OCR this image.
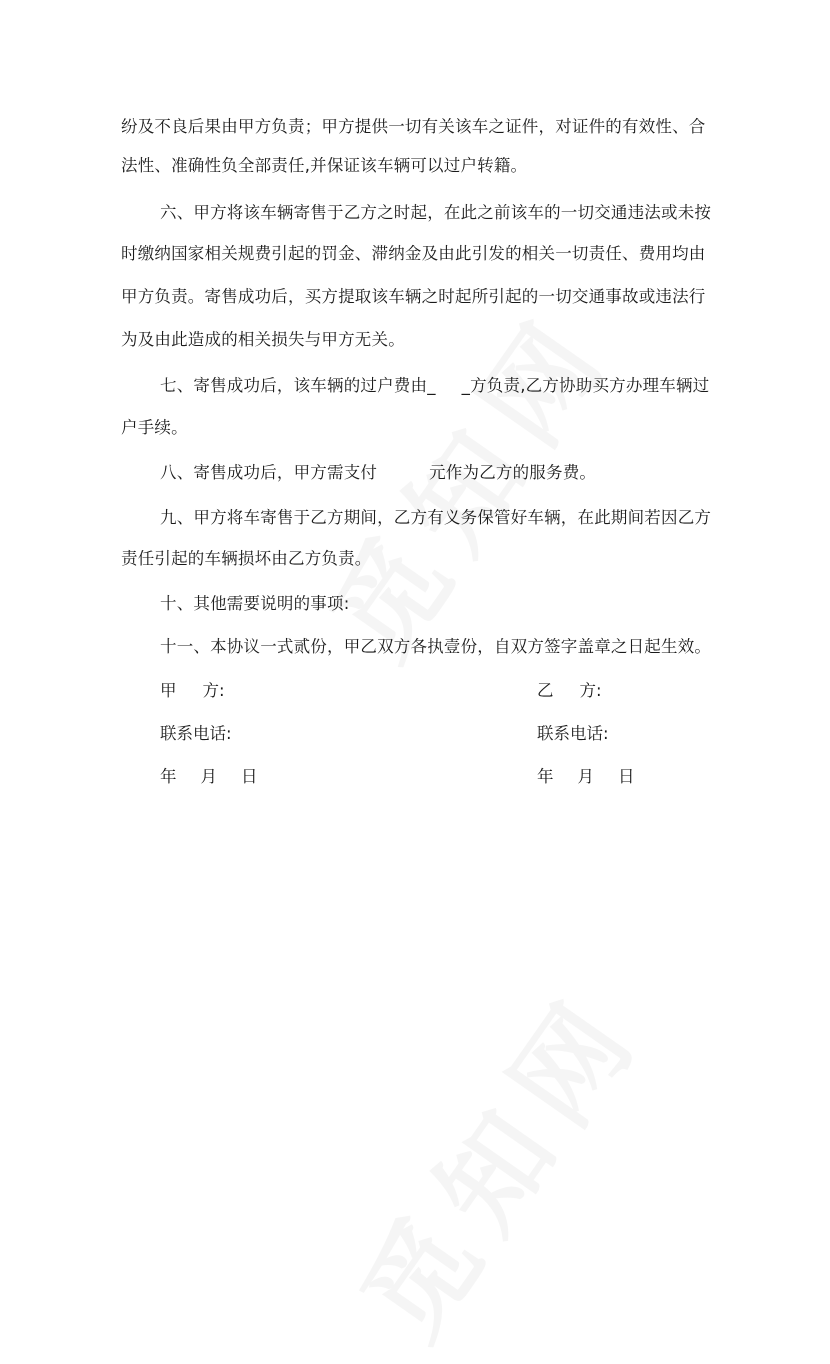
纷及不良后果由甲方负责；甲方提供一切有关该车之证件，对证件的有效性、合
法性、准确性负全部责任,并保证该车辆可以过户转籍。
六、甲方将该车辆寄售于乙方之时起，在此之前该车的一切交通违法或未按
时缴纳国家相关规费引起的罚金、滞纳金及由此引发的相关一切责任、费用均由
甲方负责。寄售成功后，买方提取该车辆之时起所引起的一切交通事故或违法行
为及由此造成的相关损失与甲方无关。
七、寄售成功后，该车辆的过户费由_ _方负责,乙方协助买方办理车辆过
户手续。
八、寄售成功后，甲方需支付	元作为乙方的服务费。
九、甲方将车寄售于乙方期间，乙方有义务保管好车辆，在此期间若因乙方
责任引起的车辆损坏由乙方负责。
十、其他需要说明的事项:
十一、本协议一式贰份，甲乙双方各执壹份，自双方签字盖章之日起生效。
甲 方:
联系电话:
年 月 日
乙 方:
联系电话:
年 月 日
